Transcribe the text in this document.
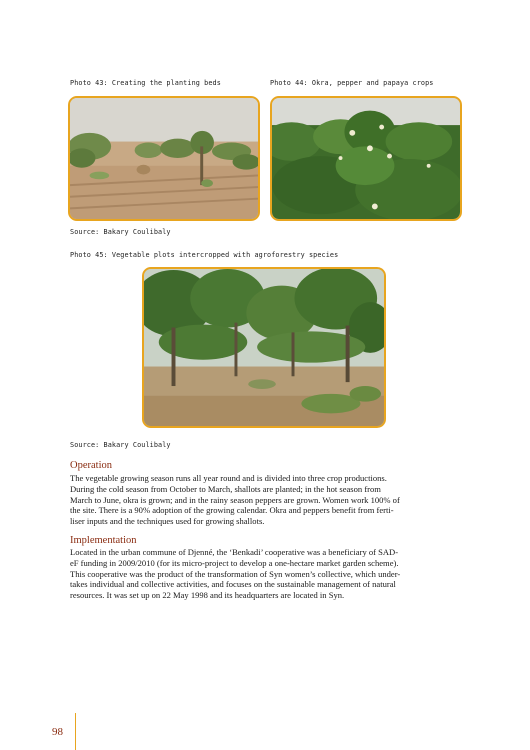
Photo 43: Creating the planting beds	Photo 44: Okra, pepper and papaya crops
Source: Bakary Coulibaly
Photo 45: Vegetable plots intercropped with agroforestry species
Source: Bakary Coulibaly
Operation
The vegetable growing season runs all year round and is divided into three crop productions.
During the cold season from October to March, shallots are planted; in the hot season from
March to June, okra is grown; and in the rainy season peppers are grown. Women work 100% of
the site. There is a 90% adoption of the growing calendar. Okra and peppers benefit from ferti-
liser inputs and the techniques used for growing shallots.
Implementation
Located in the urban commune of Djenné, the ‘Benkadi’ cooperative was a beneficiary of SAD-
eF funding in 2009/2010 (for its micro-project to develop a one-hectare market garden scheme).
This cooperative was the product of the transformation of Syn women’s collective, which under-
takes individual and collective activities, and focuses on the sustainable management of natural
resources. It was set up on 22 May 1998 and its headquarters are located in Syn.
98
